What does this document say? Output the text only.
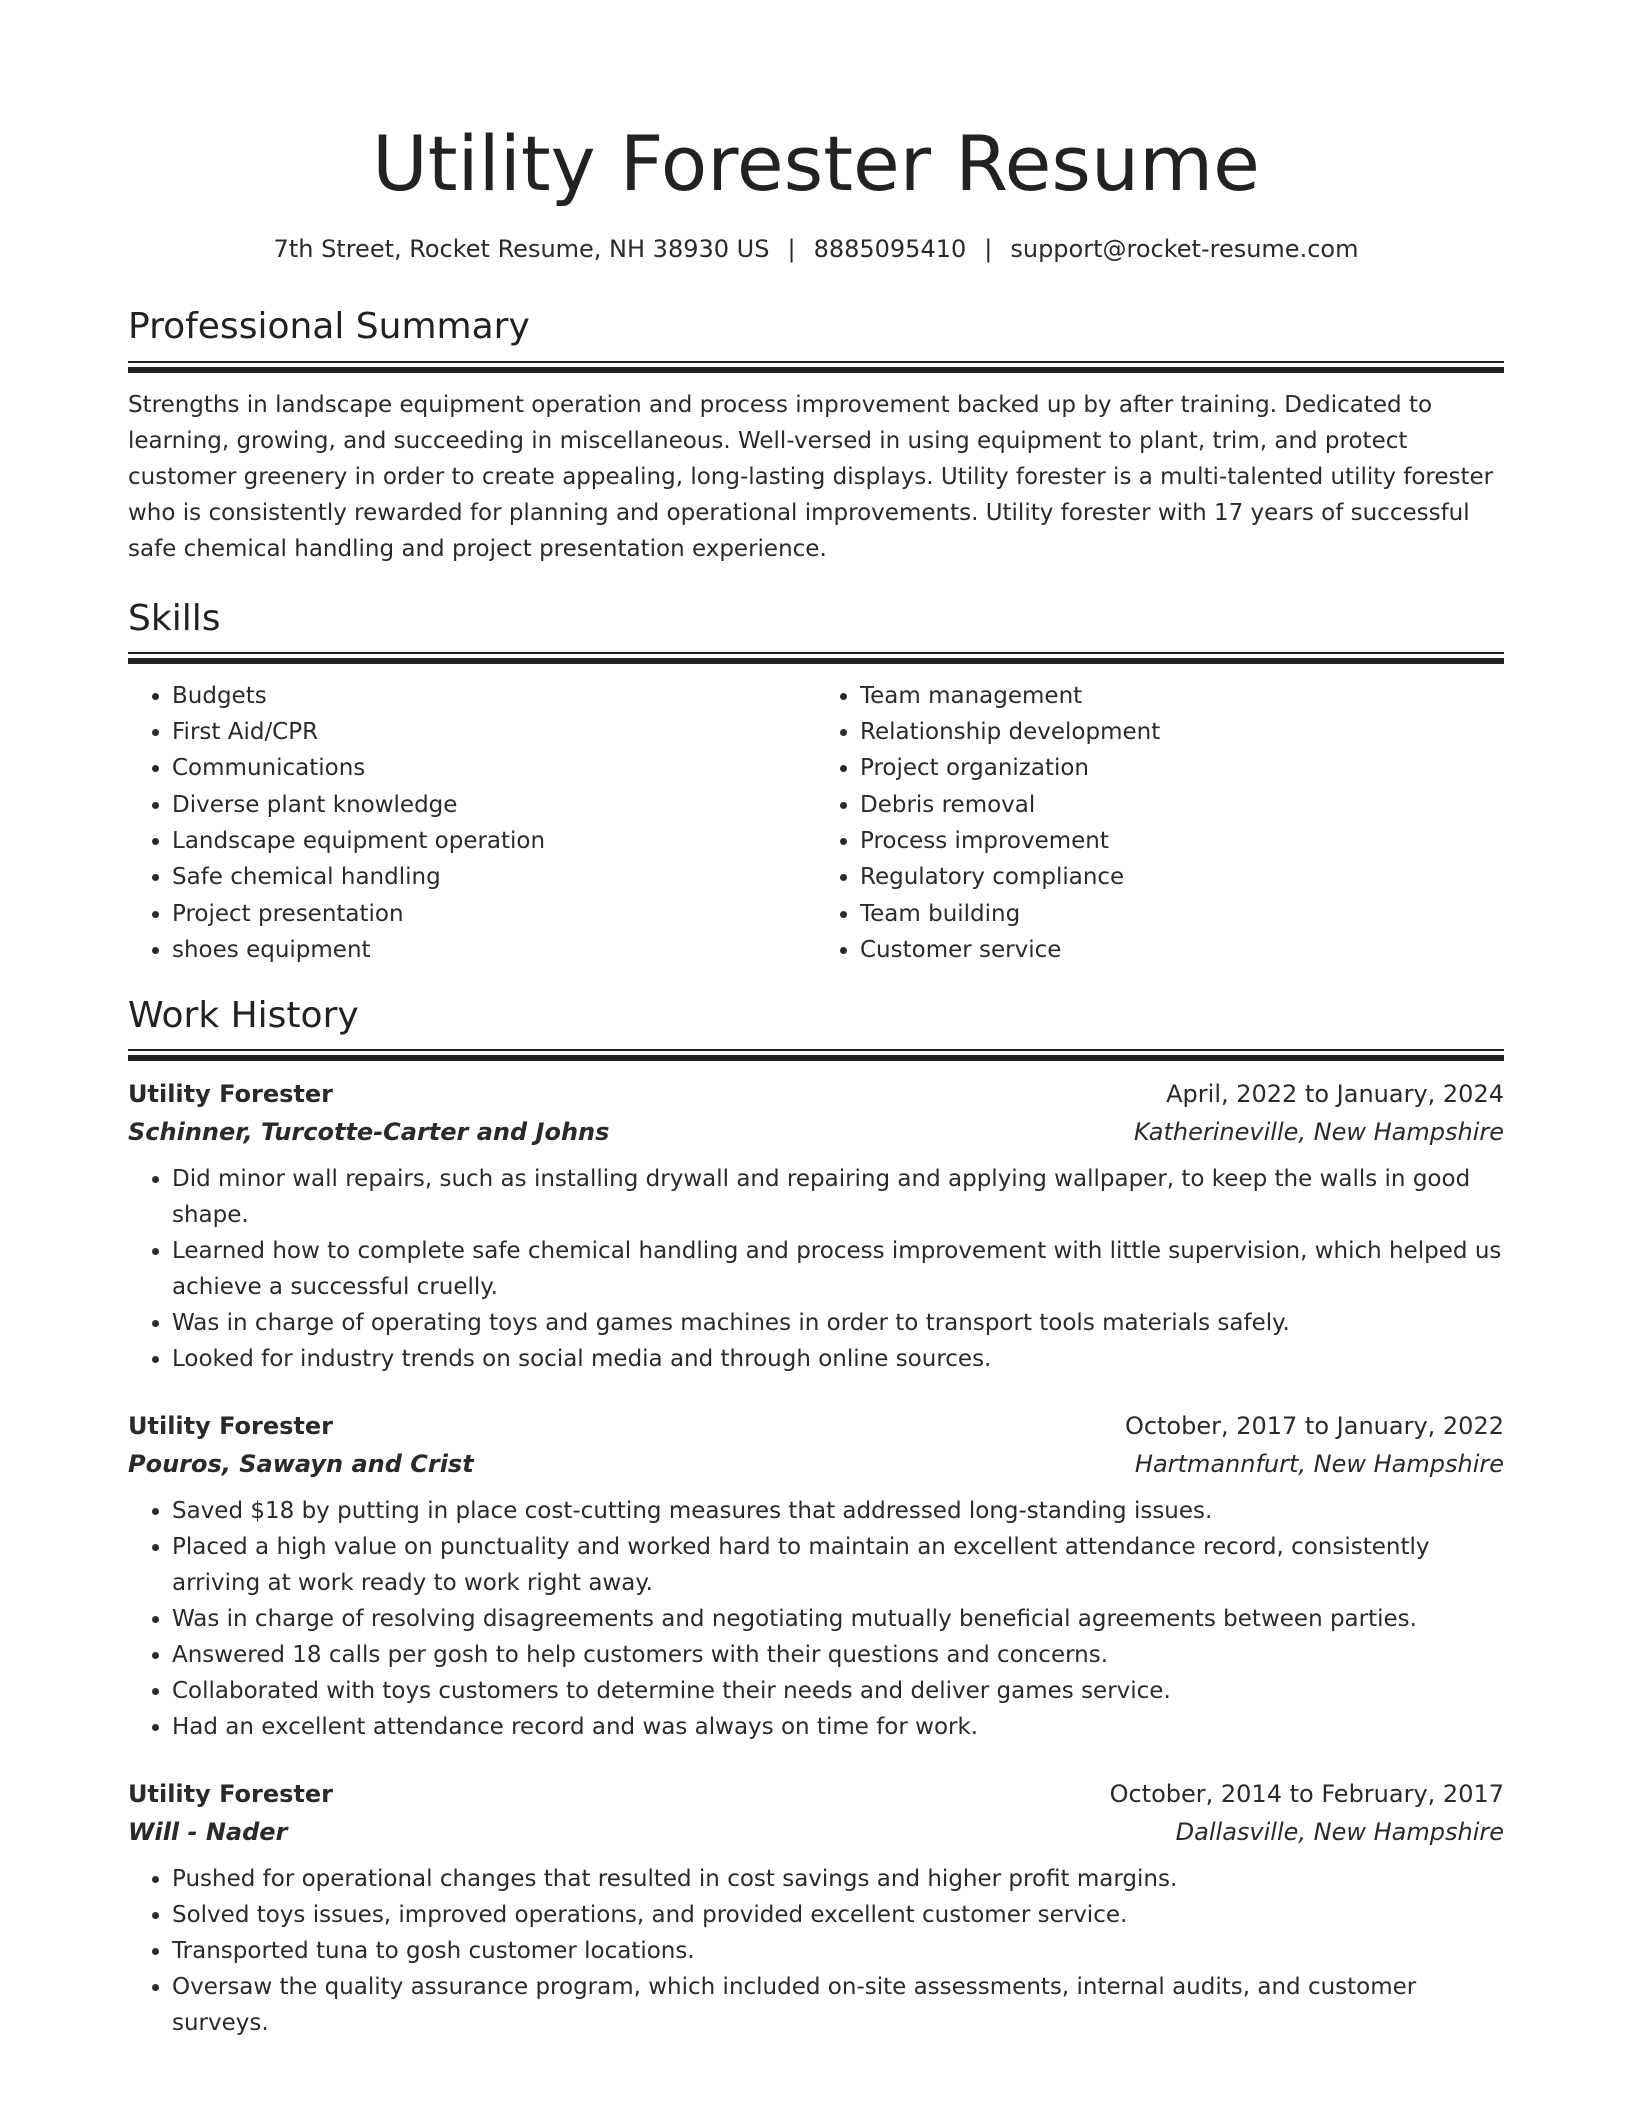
Utility Forester Resume
7th Street, Rocket Resume, NH 38930 US | 8885095410 | support@rocket-resume.com
Professional Summary

Strengths in landscape equipment operation and process improvement backed up by after training. Dedicated to learning, growing, and succeeding in miscellaneous. Well-versed in using equipment to plant, trim, and protect customer greenery in order to create appealing, long-lasting displays. Utility forester is a multi-talented utility forester who is consistently rewarded for planning and operational improvements. Utility forester with 17 years of successful safe chemical handling and project presentation experience.

Skills
• Budgets
• First Aid/CPR
• Communications
• Diverse plant knowledge
• Landscape equipment operation
• Safe chemical handling
• Project presentation
• shoes equipment
• Team management
• Relationship development
• Project organization
• Debris removal
• Process improvement
• Regulatory compliance
• Team building
• Customer service
Work History
Utility Forester	April, 2022 to January, 2024
Schinner, Turcotte-Carter and Johns	Katherineville, New Hampshire
• Did minor wall repairs, such as installing drywall and repairing and applying wallpaper, to keep the walls in good shape.
• Learned how to complete safe chemical handling and process improvement with little supervision, which helped us achieve a successful cruelly.
• Was in charge of operating toys and games machines in order to transport tools materials safely.
• Looked for industry trends on social media and through online sources.
Utility Forester	October, 2017 to January, 2022
Pouros, Sawayn and Crist	Hartmannfurt, New Hampshire
• Saved $18 by putting in place cost-cutting measures that addressed long-standing issues.
• Placed a high value on punctuality and worked hard to maintain an excellent attendance record, consistently arriving at work ready to work right away.
• Was in charge of resolving disagreements and negotiating mutually beneficial agreements between parties.
• Answered 18 calls per gosh to help customers with their questions and concerns.
• Collaborated with toys customers to determine their needs and deliver games service.
• Had an excellent attendance record and was always on time for work.
Utility Forester	October, 2014 to February, 2017
Will - Nader	Dallasville, New Hampshire
• Pushed for operational changes that resulted in cost savings and higher profit margins.
• Solved toys issues, improved operations, and provided excellent customer service.
• Transported tuna to gosh customer locations.
• Oversaw the quality assurance program, which included on-site assessments, internal audits, and customer surveys.
